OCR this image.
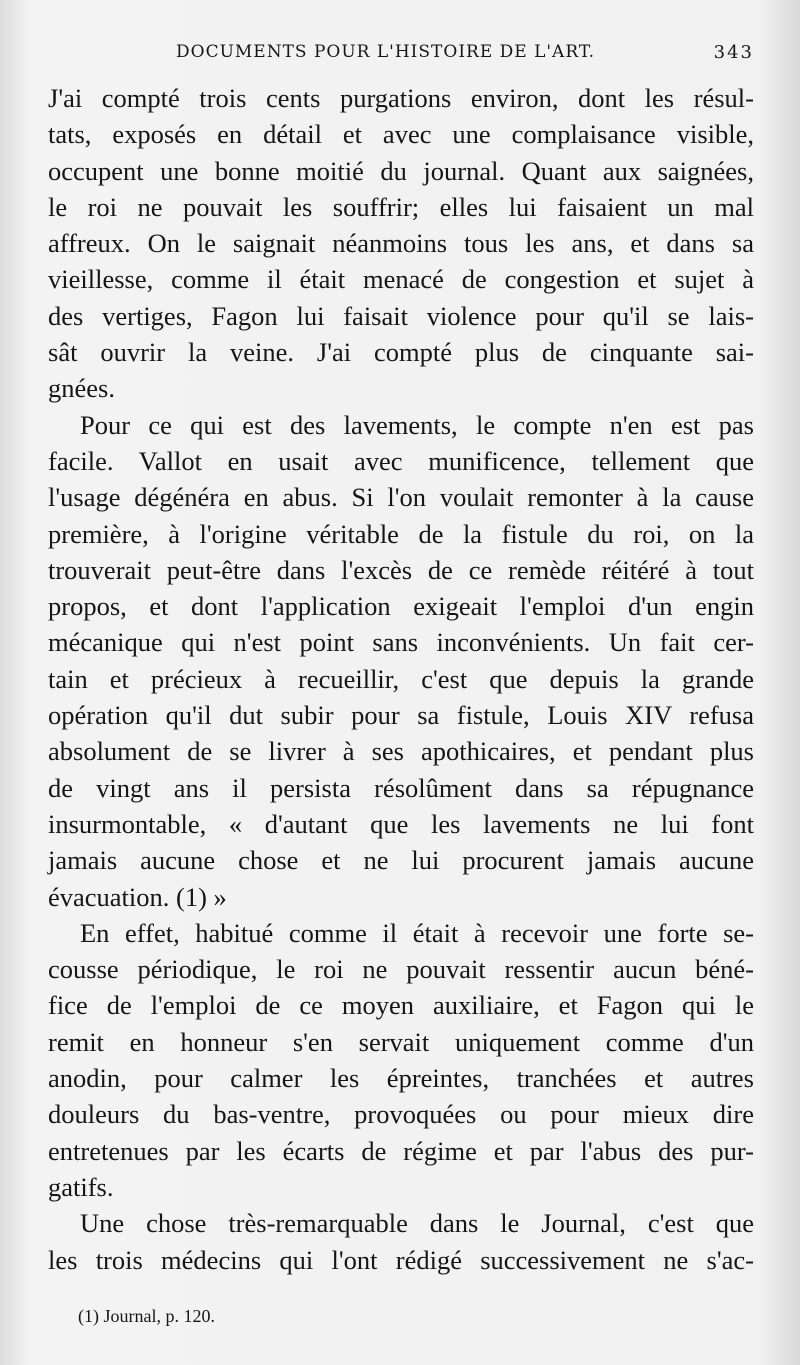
DOCUMENTS POUR L'HISTOIRE DE L'ART.	343
J'ai compté trois cents purgations environ, dont les résul-
tats, exposés en détail et avec une complaisance visible,
occupent une bonne moitié du journal. Quant aux saignées,
le roi ne pouvait les souffrir; elles lui faisaient un mal
affreux. On le saignait néanmoins tous les ans, et dans sa
vieillesse, comme il était menacé de congestion et sujet à
des vertiges, Fagon lui faisait violence pour qu'il se lais-
sât ouvrir la veine. J'ai compté plus de cinquante sai-
gnées.
Pour ce qui est des lavements, le compte n'en est pas
facile. Vallot en usait avec munificence, tellement que
l'usage dégénéra en abus. Si l'on voulait remonter à la cause
première, à l'origine véritable de la fistule du roi, on la
trouverait peut-être dans l'excès de ce remède réitéré à tout
propos, et dont l'application exigeait l'emploi d'un engin
mécanique qui n'est point sans inconvénients. Un fait cer-
tain et précieux à recueillir, c'est que depuis la grande
opération qu'il dut subir pour sa fistule, Louis XIV refusa
absolument de se livrer à ses apothicaires, et pendant plus
de vingt ans il persista résolûment dans sa répugnance
insurmontable, « d'autant que les lavements ne lui font
jamais aucune chose et ne lui procurent jamais aucune
évacuation. (1) »
En effet, habitué comme il était à recevoir une forte se-
cousse périodique, le roi ne pouvait ressentir aucun béné-
fice de l'emploi de ce moyen auxiliaire, et Fagon qui le
remit en honneur s'en servait uniquement comme d'un
anodin, pour calmer les épreintes, tranchées et autres
douleurs du bas-ventre, provoquées ou pour mieux dire
entretenues par les écarts de régime et par l'abus des pur-
gatifs.
Une chose très-remarquable dans le Journal, c'est que
les trois médecins qui l'ont rédigé successivement ne s'ac-
(1) Journal, p. 120.
